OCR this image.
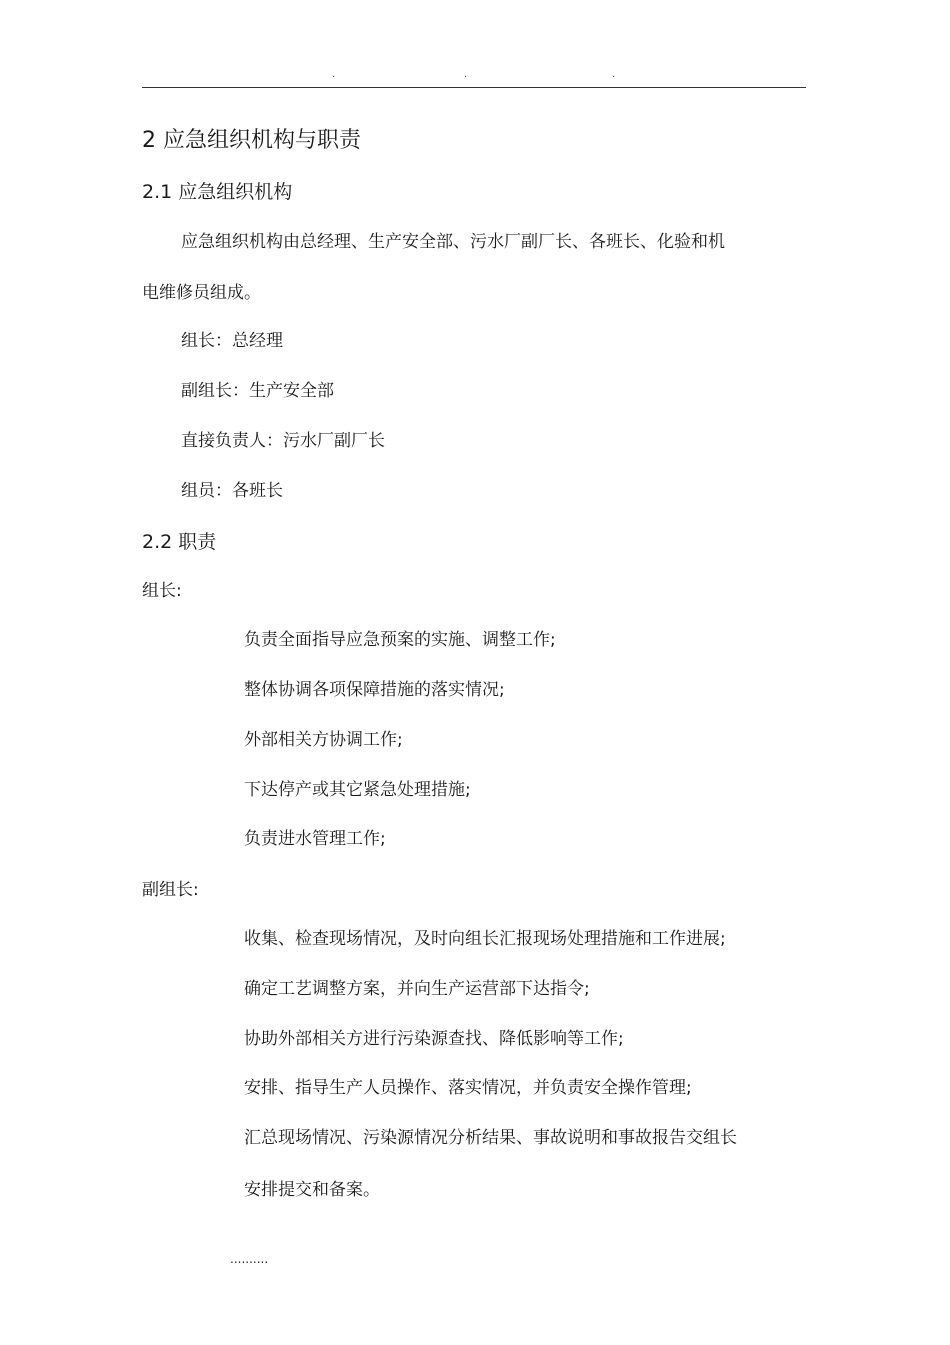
.	.	.
2 应急组织机构与职责
2.1 应急组织机构
应急组织机构由总经理、生产安全部、污水厂副厂长、各班长、化验和机
电维修员组成。
组长：总经理
副组长：生产安全部
直接负责人：污水厂副厂长
组员：各班长
2.2 职责
组长:
负责全面指导应急预案的实施、调整工作;
整体协调各项保障措施的落实情况;
外部相关方协调工作;
下达停产或其它紧急处理措施;
负责进水管理工作;
副组长:
收集、检查现场情况，及时向组长汇报现场处理措施和工作进展;
确定工艺调整方案，并向生产运营部下达指令;
协助外部相关方进行污染源查找、降低影响等工作;
安排、指导生产人员操作、落实情况，并负责安全操作管理;
汇总现场情况、污染源情况分析结果、事故说明和事故报告交组长
安排提交和备案。
..........
